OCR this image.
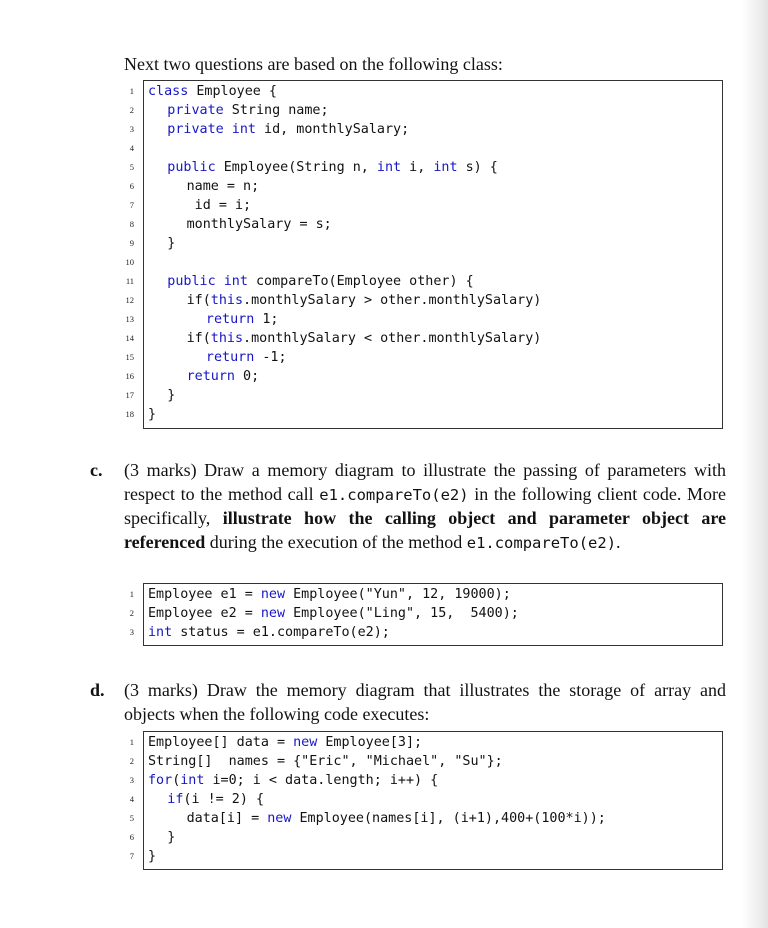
Next two questions are based on the following class:
1 class Employee {
2 private String name;
3 private int id, monthlySalary;
4
5 public Employee(String n, int i, int s) {
6	name = n;
7	id = i;
8	monthlySalary = s;
9 }
10
11 public int compareTo(Employee other) {
12	if(this.monthlySalary > other.monthlySalary)
13	return 1;
14	if(this.monthlySalary < other.monthlySalary)
15	return -1;
16	return 0;
17 }
18 }
c. (3 marks) Draw a memory diagram to illustrate the passing of parameters with respect to the method call e1.compareTo(e2) in the following client code. More specifically, illustrate how the calling object and parameter object are referenced during the execution of the method e1.compareTo(e2).
1 Employee e1 = new Employee("Yun", 12, 19000);
2 Employee e2 = new Employee("Ling", 15,  5400);
3 int status = e1.compareTo(e2);
d. (3 marks) Draw the memory diagram that illustrates the storage of array and objects when the following code executes:
1 Employee[] data = new Employee[3];
2 String[]  names = {"Eric", "Michael", "Su"};
3 for(int i=0; i < data.length; i++) {
4 if(i != 2) {
5	data[i] = new Employee(names[i], (i+1),400+(100*i));
6 }
7 }
